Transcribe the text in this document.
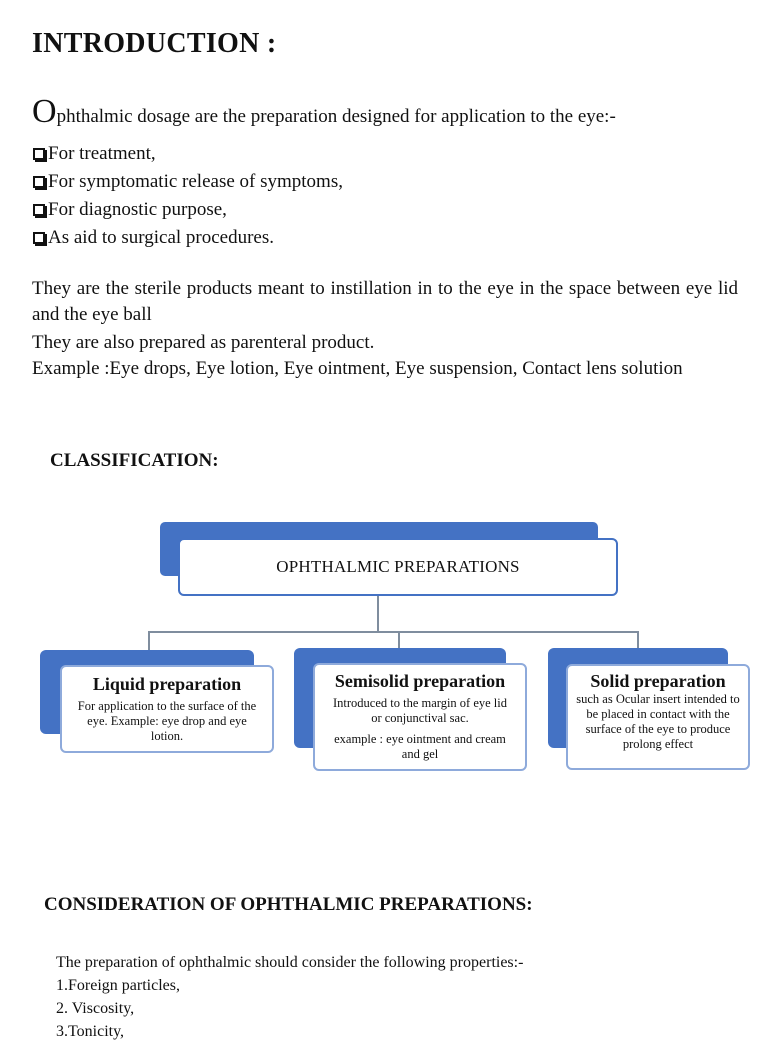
INTRODUCTION :

Ophthalmic dosage are the preparation designed for application to the eye:-

For treatment,
For symptomatic release of symptoms,
For diagnostic purpose,
As aid to surgical procedures.

They are the sterile products meant to instillation in to the eye in the space between eye lid and the eye ball

They are also prepared as parenteral product.

Example :Eye drops, Eye lotion, Eye ointment, Eye suspension, Contact lens solution

CLASSIFICATION:
OPHTHALMIC PREPARATIONS
Liquid preparation
For application to the surface of the eye. Example: eye drop and eye lotion.
Semisolid preparation
Introduced to the margin of eye lid or conjunctival sac.
example : eye ointment and cream and gel
Solid preparation
such as Ocular insert intended to be placed in contact with the surface of the eye to produce prolong effect
CONSIDERATION OF OPHTHALMIC PREPARATIONS:

The preparation of ophthalmic should consider the following properties:-

1.Foreign particles,
2. Viscosity,
3.Tonicity,
